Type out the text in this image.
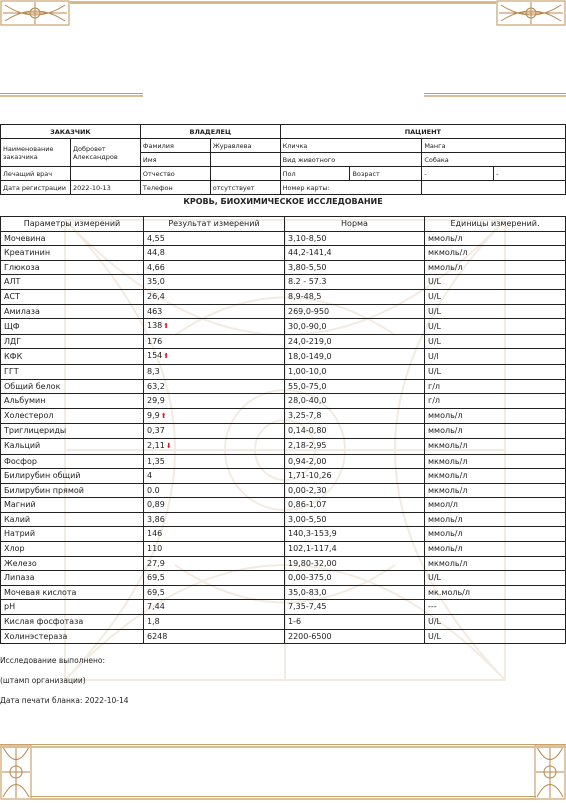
ЗАКАЗЧИК		ВЛАДЕЛЕЦ		ПАЦИЕНТ			
Наименование заказчика	Добровет Александров	Фамилия	Журавлева	Кличка		Манга	
		Имя		Вид животного		Собака	
Лечащий врач		Отчество		Пол	Возраст	-	-
Дата регистрации	2022-10-13	Телефон	отсутствует	Номер карты:			
КРОВЬ, БИОХИМИЧЕСКОЕ ИССЛЕДОВАНИЕ
Параметры измерений	Результат измерений	Норма	Единицы измерений.
Мочевина	4,55	3,10-8,50	ммоль/л
Креатинин	44,8	44,2-141,4	мкмоль/л
Глюкоза	4,66	3,80-5,50	ммоль/л
АЛТ	35,0	8.2 - 57.3	U/L
АСТ	26,4	8,9-48,5	U/L
Амилаза	463	269,0-950	U/L
ЩФ	138⬆	30,0-90,0	U/L
ЛДГ	176	24,0-219,0	U/L
КФК	154⬆	18,0-149,0	U/l
ГГТ	8,3	1,00-10,0	U/L
Общий белок	63,2	55,0-75,0	г/л
Альбумин	29,9	28,0-40,0	г/л
Холестерол	9,9⬆	3,25-7,8	ммоль/л
Триглицериды	0,37	0,14-0,80	ммоль/л
Кальций	2,11⬇	2,18-2,95	мкмоль/л
Фосфор	1,35	0,94-2,00	мкмоль/л
Билирубин общий	4	1,71-10,26	мкмоль/л
Билирубин прямой	0.0	0,00-2,30	мкмоль/л
Магний	0,89	0,86-1,07	ммол/л
Калий	3,86	3,00-5,50	ммоль/л
Натрий	146	140,3-153,9	ммоль/л
Хлор	110	102,1-117,4	ммоль/л
Железо	27,9	19,80-32,00	мкмоль/л
Липаза	69,5	0,00-375,0	U/L
Мочевая кислота	69,5	35,0-83,0	мк.моль/л
pH	7,44	7,35-7,45	---
Кислая фосфотаза	1,8	1-6	U/L
Холинэстераза	6248	2200-6500	U/L
Исследование выполнено:
(штамп организации)
Дата печати бланка: 2022-10-14
